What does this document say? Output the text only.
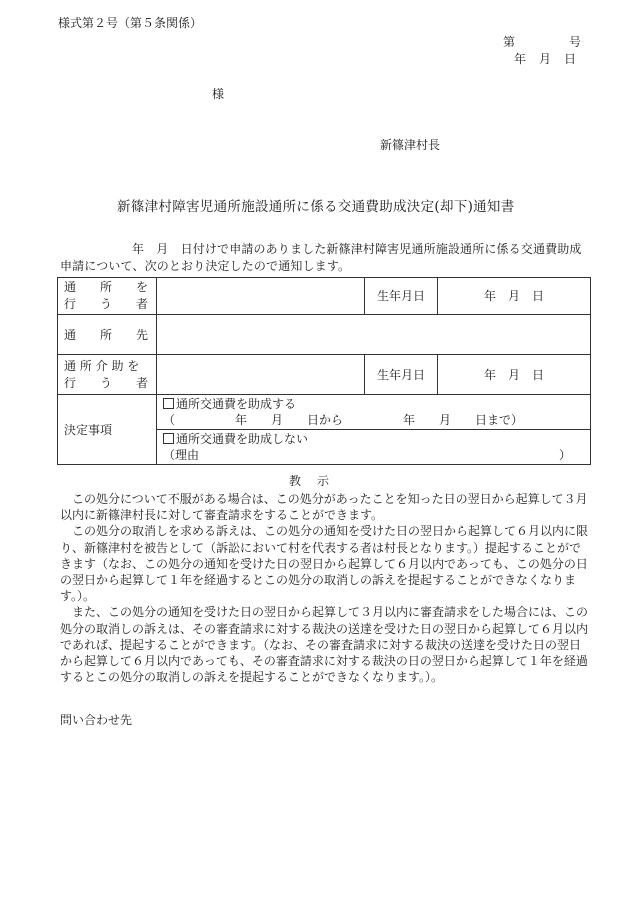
様式第２号（第５条関係）
第	号
年　月　日
様
新篠津村長
新篠津村障害児通所施設通所に係る交通費助成決定(却下)通知書
年　月　日付けで申請のありました新篠津村障害児通所施設通所に係る交通費助成申請について、次のとおり決定したので通知します。
通　　所　　を
行　　う　　者		生年月日	年　月　日
通　　所　　先			

通 所 介 助 を
行　　う　　者		生年月日	年　月　日
決定事項	通所交通費を助成する
（　　　　　年　　月　　日から　　　　　年　　月　　日まで）		

	通所交通費を助成しない
（理由　　　　　　　　　　　　　　　　　　　　　　　　　　　　　　）		
教　示

この処分について不服がある場合は、この処分があったことを知った日の翌日から起算して３月以内に新篠津村長に対して審査請求をすることができます。

この処分の取消しを求める訴えは、この処分の通知を受けた日の翌日から起算して６月以内に限り、新篠津村を被告として（訴訟において村を代表する者は村長となります。）提起することができます（なお、この処分の通知を受けた日の翌日から起算して６月以内であっても、この処分の日の翌日から起算して１年を経過するとこの処分の取消しの訴えを提起することができなくなります。）。

また、この処分の通知を受けた日の翌日から起算して３月以内に審査請求をした場合には、この処分の取消しの訴えは、その審査請求に対する裁決の送達を受けた日の翌日から起算して６月以内であれば、提起することができます。（なお、その審査請求に対する裁決の送達を受けた日の翌日から起算して６月以内であっても、その審査請求に対する裁決の日の翌日から起算して１年を経過するとこの処分の取消しの訴えを提起することができなくなります。）。

問い合わせ先
